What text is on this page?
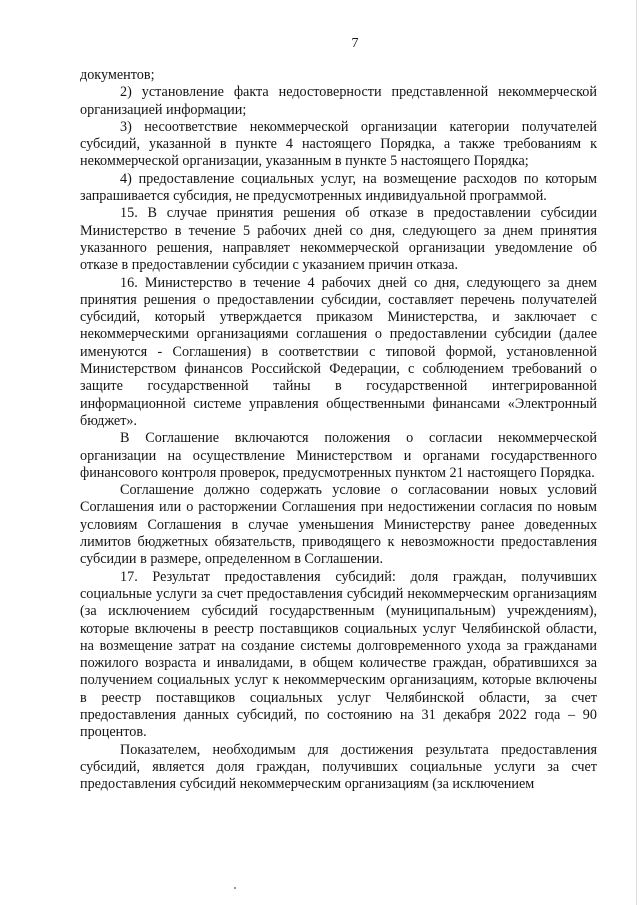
7

документов;

2) установление факта недостоверности представленной некоммерческой организацией информации;

3) несоответствие некоммерческой организации категории получателей субсидий, указанной в пункте 4 настоящего Порядка, а также требованиям к некоммерческой организации, указанным в пункте 5 настоящего Порядка;

4) предоставление социальных услуг, на возмещение расходов по которым запрашивается субсидия, не предусмотренных индивидуальной программой.

15. В случае принятия решения об отказе в предоставлении субсидии Министерство в течение 5 рабочих дней со дня, следующего за днем принятия указанного решения, направляет некоммерческой организации уведомление об отказе в предоставлении субсидии с указанием причин отказа.

16. Министерство в течение 4 рабочих дней со дня, следующего за днем принятия решения о предоставлении субсидии, составляет перечень получателей субсидий, который утверждается приказом Министерства, и заключает с некоммерческими организациями соглашения о предоставлении субсидии (далее именуются - Соглашения) в соответствии с типовой формой, установленной Министерством финансов Российской Федерации, с соблюдением требований о защите государственной тайны в государственной интегрированной информационной системе управления общественными финансами «Электронный бюджет».

В Соглашение включаются положения о согласии некоммерческой организации на осуществление Министерством и органами государственного финансового контроля проверок, предусмотренных пунктом 21 настоящего Порядка.

Соглашение должно содержать условие о согласовании новых условий Соглашения или о расторжении Соглашения при недостижении согласия по новым условиям Соглашения в случае уменьшения Министерству ранее доведенных лимитов бюджетных обязательств, приводящего к невозможности предоставления субсидии в размере, определенном в Соглашении.

17. Результат предоставления субсидий: доля граждан, получивших социальные услуги за счет предоставления субсидий некоммерческим организациям (за исключением субсидий государственным (муниципальным) учреждениям), которые включены в реестр поставщиков социальных услуг Челябинской области, на возмещение затрат на создание системы долговременного ухода за гражданами пожилого возраста и инвалидами, в общем количестве граждан, обратившихся за получением социальных услуг к некоммерческим организациям, которые включены в реестр поставщиков социальных услуг Челябинской области, за счет предоставления данных субсидий, по состоянию на 31 декабря 2022 года – 90 процентов.

Показателем, необходимым для достижения результата предоставления субсидий, является доля граждан, получивших социальные услуги за счет предоставления субсидий некоммерческим организациям (за исключением
